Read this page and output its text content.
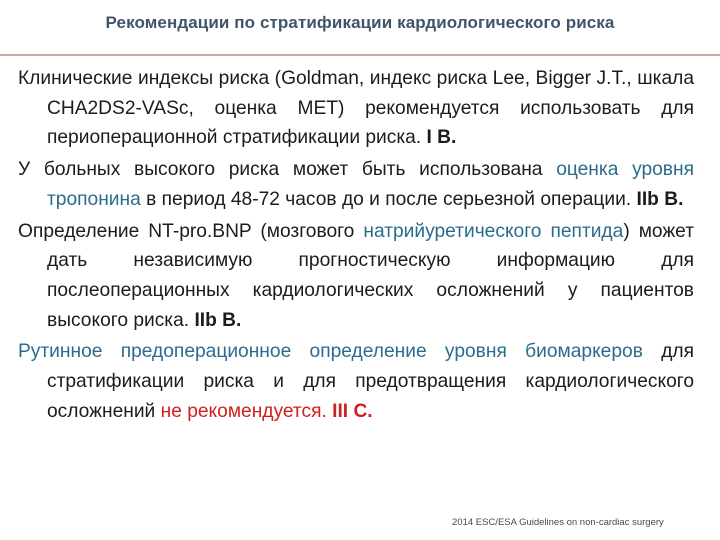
Рекомендации по стратификации кардиологического риска

Клинические индексы риска (Goldman, индекс риска Lee, Bigger J.T., шкала CHA2DS2-VASc, оценка MET) рекомендуется использовать для периоперационной стратификации риска. I B.

У больных высокого риска может быть использована оценка уровня тропонина в период 48-72 часов до и после серьезной операции. IIb B.

Определение NT-pro.BNP (мозгового натрийуретического пептида) может дать независимую прогностическую информацию для послеоперационных кардиологических осложнений у пациентов высокого риска. IIb B.

Рутинное предоперационное определение уровня биомаркеров для стратификации риска и для предотвращения кардиологического осложнений не рекомендуется. III C.

2014 ESC/ESA Guidelines on non-cardiac surgery
